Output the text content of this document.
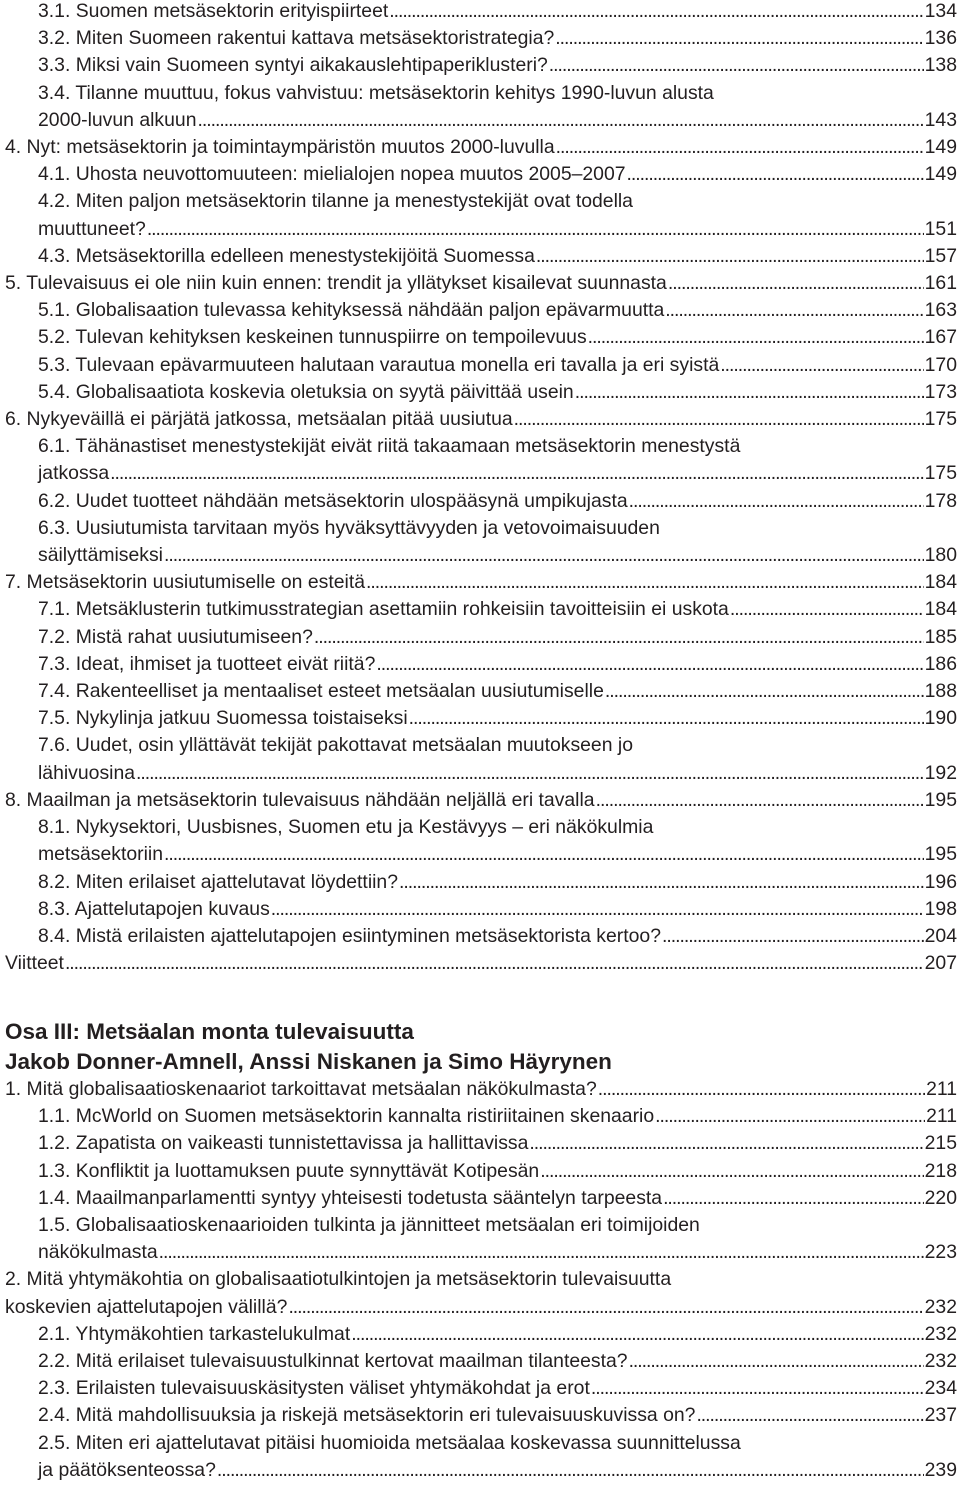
3.1. Suomen metsäsektorin erityispiirteet . . .	134
3.2. Miten Suomeen rakentui kattava metsäsektoristrategia? . . .	136
3.3. Miksi vain Suomeen syntyi aikakauslehtipaperiklusteri? . . .	138
3.4. Tilanne muuttuu, fokus vahvistuu: metsäsektorin kehitys 1990-luvun alusta
2000-luvun alkuun . . .	143
4. Nyt: metsäsektorin ja toimintaympäristön muutos 2000-luvulla . . .	149
4.1. Uhosta neuvottomuuteen: mielialojen nopea muutos 2005–2007 . . .	149
4.2. Miten paljon metsäsektorin tilanne ja menestystekijät ovat todella
muuttuneet? . . .	151
4.3. Metsäsektorilla edelleen menestystekijöitä Suomessa . . .	157
5. Tulevaisuus ei ole niin kuin ennen: trendit ja yllätykset kisailevat suunnasta . . .	161
5.1. Globalisaation tulevassa kehityksessä nähdään paljon epävarmuutta . . .	163
5.2. Tulevan kehityksen keskeinen tunnuspiirre on tempoilevuus . . .	167
5.3. Tulevaan epävarmuuteen halutaan varautua monella eri tavalla ja eri syistä . . .	170
5.4. Globalisaatiota koskevia oletuksia on syytä päivittää usein . . .	173
6. Nykyeväillä ei pärjätä jatkossa, metsäalan pitää uusiutua . . .	175
6.1. Tähänastiset menestystekijät eivät riitä takaamaan metsäsektorin menestystä
jatkossa . . .	175
6.2. Uudet tuotteet nähdään metsäsektorin ulospääsynä umpikujasta . . .	178
6.3. Uusiutumista tarvitaan myös hyväksyttävyyden ja vetovoimaisuuden
säilyttämiseksi . . .	180
7. Metsäsektorin uusiutumiselle on esteitä . . .	184
7.1. Metsäklusterin tutkimusstrategian asettamiin rohkeisiin tavoitteisiin ei uskota . . .	184
7.2. Mistä rahat uusiutumiseen? . . .	185
7.3. Ideat, ihmiset ja tuotteet eivät riitä? . . .	186
7.4. Rakenteelliset ja mentaaliset esteet metsäalan uusiutumiselle . . .	188
7.5. Nykylinja jatkuu Suomessa toistaiseksi . . .	190
7.6. Uudet, osin yllättävät tekijät pakottavat metsäalan muutokseen jo
lähivuosina . . .	192
8. Maailman ja metsäsektorin tulevaisuus nähdään neljällä eri tavalla . . .	195
8.1. Nykysektori, Uusbisnes, Suomen etu ja Kestävyys – eri näkökulmia
metsäsektoriin . . .	195
8.2. Miten erilaiset ajattelutavat löydettiin? . . .	196
8.3. Ajattelutapojen kuvaus . . .	198
8.4. Mistä erilaisten ajattelutapojen esiintyminen metsäsektorista kertoo? . . .	204
Viitteet . . .	207
Osa III: Metsäalan monta tulevaisuutta
Jakob Donner-Amnell, Anssi Niskanen ja Simo Häyrynen
1. Mitä globalisaatioskenaariot tarkoittavat metsäalan näkökulmasta? . . .	211
1.1. McWorld on Suomen metsäsektorin kannalta ristiriitainen skenaario . . .	211
1.2. Zapatista on vaikeasti tunnistettavissa ja hallittavissa . . .	215
1.3. Konfliktit ja luottamuksen puute synnyttävät Kotipesän . . .	218
1.4. Maailmanparlamentti syntyy yhteisesti todetusta sääntelyn tarpeesta . . .	220
1.5. Globalisaatioskenaarioiden tulkinta ja jännitteet metsäalan eri toimijoiden
näkökulmasta . . .	223
2. Mitä yhtymäkohtia on globalisaatiotulkintojen ja metsäsektorin tulevaisuutta
koskevien ajattelutapojen välillä? . . .	232
2.1. Yhtymäkohtien tarkastelukulmat . . .	232
2.2. Mitä erilaiset tulevaisuustulkinnat kertovat maailman tilanteesta? . . .	232
2.3. Erilaisten tulevaisuuskäsitysten väliset yhtymäkohdat ja erot . . .	234
2.4. Mitä mahdollisuuksia ja riskejä metsäsektorin eri tulevaisuuskuvissa on? . . .	237
2.5. Miten eri ajattelutavat pitäisi huomioida metsäalaa koskevassa suunnittelussa
ja päätöksenteossa? . . .	239
